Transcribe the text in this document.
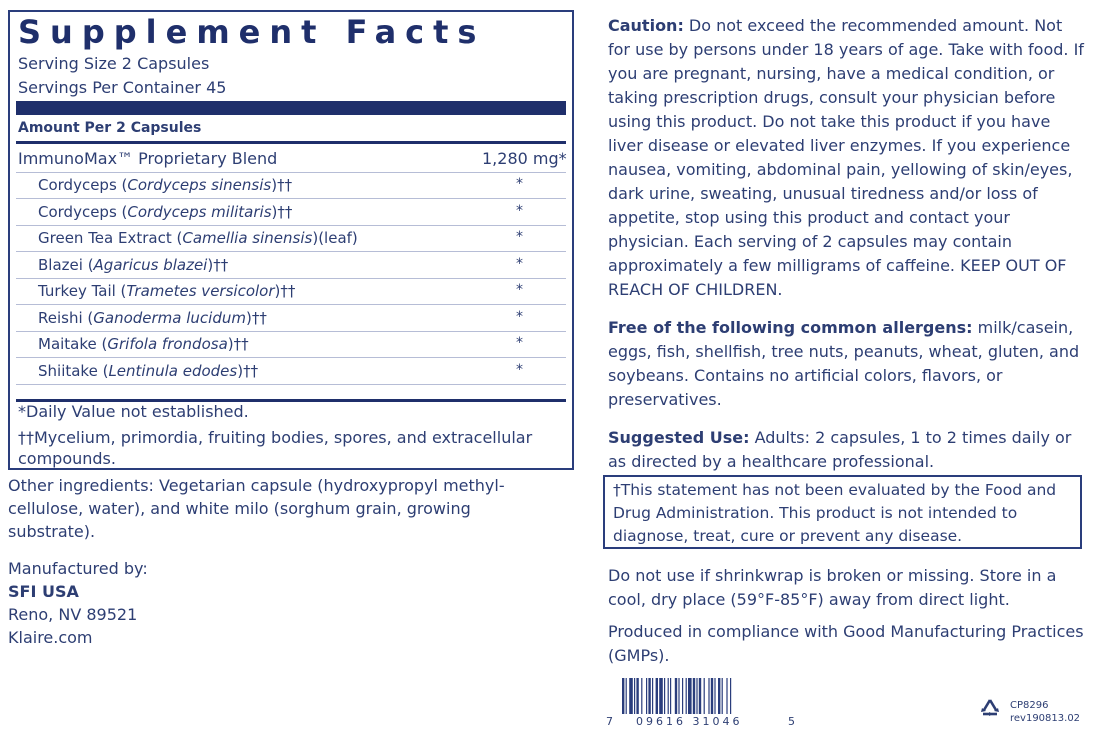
Supplement Facts
Serving Size 2 Capsules
Servings Per Container 45
Amount Per 2 Capsules
ImmunoMax™ Proprietary Blend	1,280 mg*
Cordyceps (Cordyceps sinensis)††	*
Cordyceps (Cordyceps militaris)††	*
Green Tea Extract (Camellia sinensis)(leaf)	*
Blazei (Agaricus blazei)††	*
Turkey Tail (Trametes versicolor)††	*
Reishi (Ganoderma lucidum)††	*
Maitake (Grifola frondosa)††	*
Shiitake (Lentinula edodes)††	*
*Daily Value not established.
††Mycelium, primordia, fruiting bodies, spores, and extracellular
compounds.
Other ingredients: Vegetarian capsule (hydroxypropyl methyl-
cellulose, water), and white milo (sorghum grain, growing
substrate).
Manufactured by:
SFI USA
Reno, NV 89521
Klaire.com
Caution: Do not exceed the recommended amount. Not for use by persons under 18 years of age. Take with food. If you are pregnant, nursing, have a medical condition, or taking prescription drugs, consult your physician before using this product. Do not take this product if you have liver disease or elevated liver enzymes. If you experience nausea, vomiting, abdominal pain, yellowing of skin/eyes, dark urine, sweating, unusual tiredness and/or loss of appetite, stop using this product and contact your physician. Each serving of 2 capsules may contain approximately a few milligrams of caffeine. KEEP OUT OF REACH OF CHILDREN.
Free of the following common allergens: milk/casein, eggs, fish, shellfish, tree nuts, peanuts, wheat, gluten, and soybeans. Contains no artificial colors, flavors, or preservatives.
Suggested Use: Adults: 2 capsules, 1 to 2 times daily or as directed by a healthcare professional.
†This statement has not been evaluated by the Food and Drug Administration. This product is not intended to diagnose, treat, cure or prevent any disease.
Do not use if shrinkwrap is broken or missing. Store in a cool, dry place (59°F-85°F) away from direct light.
Produced in compliance with Good Manufacturing Practices (GMPs).
7 09616 31046	5
CP8296
rev190813.02
